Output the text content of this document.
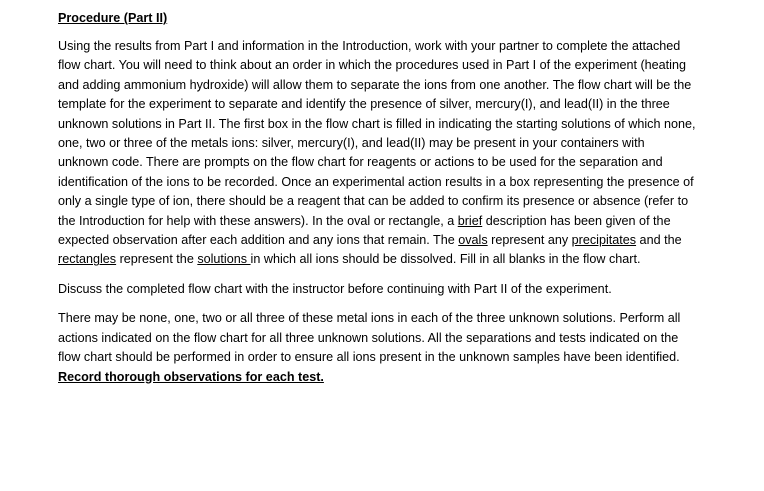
Procedure (Part II)

Using the results from Part I and information in the Introduction, work with your partner to complete the attached flow chart. You will need to think about an order in which the procedures used in Part I of the experiment (heating and adding ammonium hydroxide) will allow them to separate the ions from one another. The flow chart will be the template for the experiment to separate and identify the presence of silver, mercury(I), and lead(II) in the three unknown solutions in Part II. The first box in the flow chart is filled in indicating the starting solutions of which none, one, two or three of the metals ions: silver, mercury(I), and lead(II) may be present in your containers with unknown code. There are prompts on the flow chart for reagents or actions to be used for the separation and identification of the ions to be recorded. Once an experimental action results in a box representing the presence of only a single type of ion, there should be a reagent that can be added to confirm its presence or absence (refer to the Introduction for help with these answers). In the oval or rectangle, a brief description has been given of the expected observation after each addition and any ions that remain. The ovals represent any precipitates and the rectangles represent the solutions in which all ions should be dissolved. Fill in all blanks in the flow chart.

Discuss the completed flow chart with the instructor before continuing with Part II of the experiment.

There may be none, one, two or all three of these metal ions in each of the three unknown solutions. Perform all actions indicated on the flow chart for all three unknown solutions. All the separations and tests indicated on the flow chart should be performed in order to ensure all ions present in the unknown samples have been identified. Record thorough observations for each test.
